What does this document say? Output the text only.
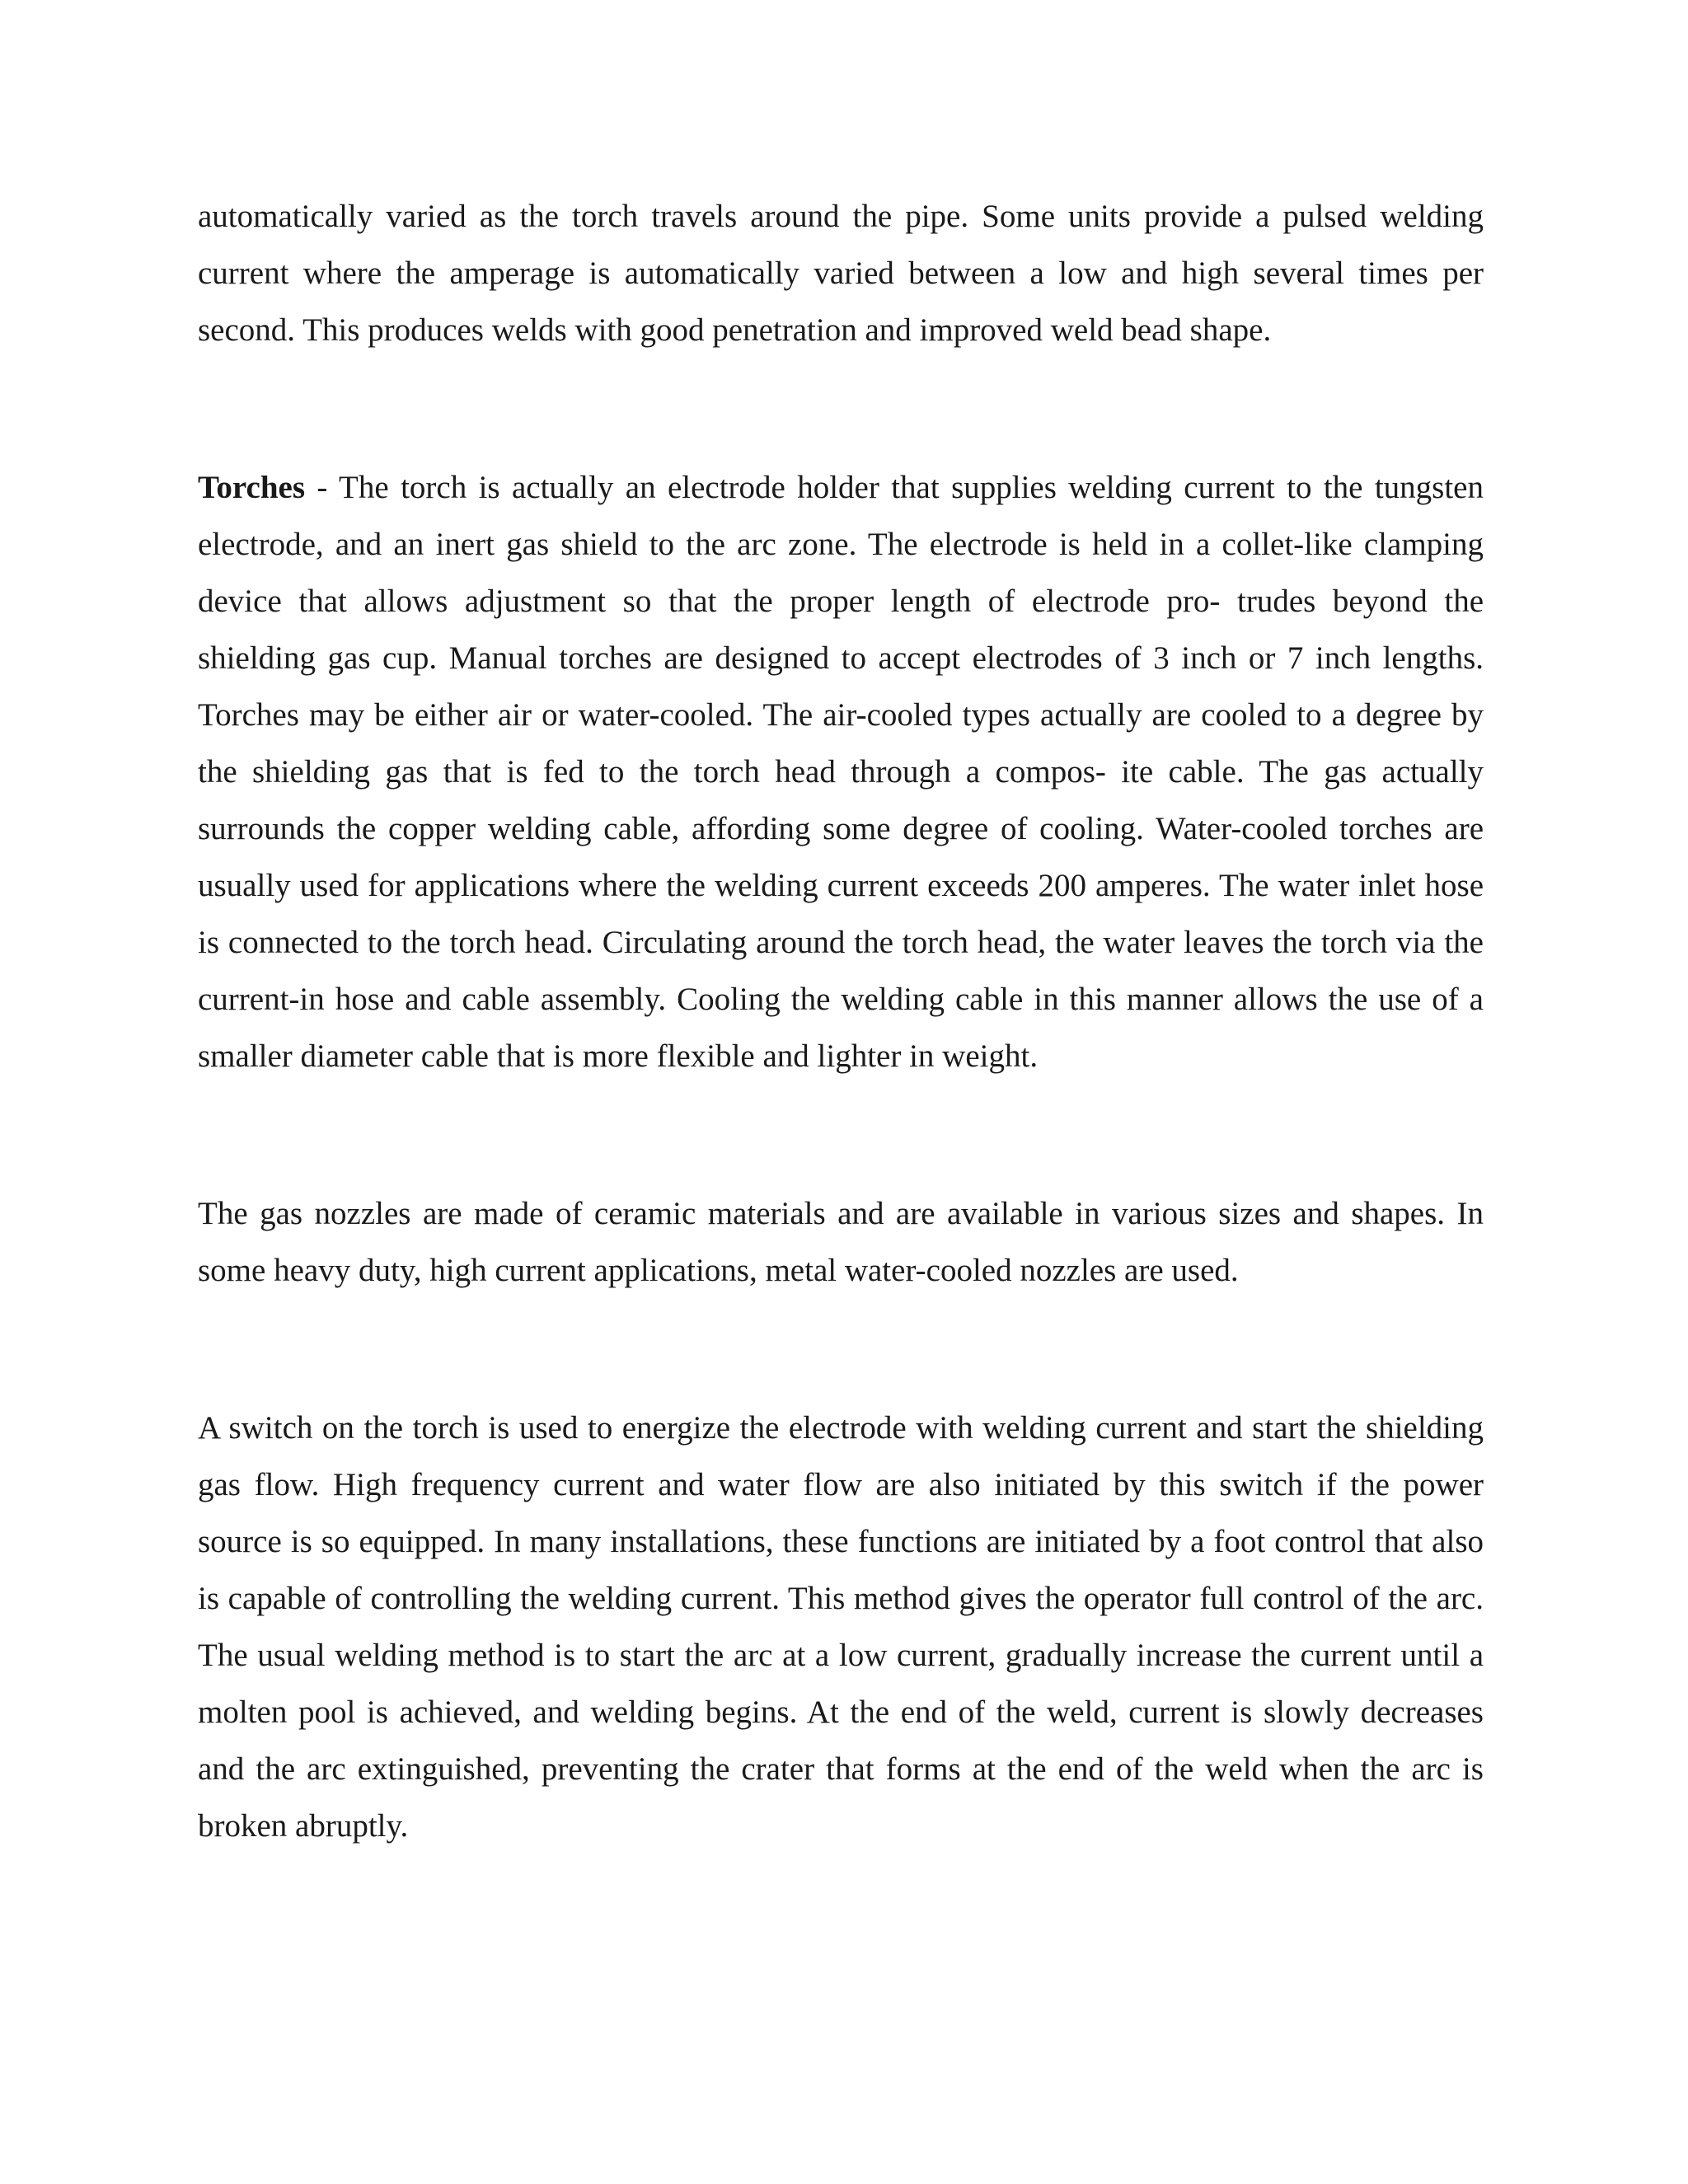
automatically varied as the torch travels around the pipe. Some units provide a pulsed welding current where the amperage is automatically varied between a low and high several times per second. This produces welds with good penetration and improved weld bead shape.

Torches - The torch is actually an electrode holder that supplies welding current to the tungsten electrode, and an inert gas shield to the arc zone. The electrode is held in a collet-like clamping device that allows adjustment so that the proper length of electrode pro- trudes beyond the shielding gas cup. Manual torches are designed to accept electrodes of 3 inch or 7 inch lengths. Torches may be either air or water-cooled. The air-cooled types actually are cooled to a degree by the shielding gas that is fed to the torch head through a compos- ite cable. The gas actually surrounds the copper welding cable, affording some degree of cooling. Water-cooled torches are usually used for applications where the welding current exceeds 200 amperes. The water inlet hose is connected to the torch head. Circulating around the torch head, the water leaves the torch via the current-in hose and cable assembly. Cooling the welding cable in this manner allows the use of a smaller diameter cable that is more flexible and lighter in weight.

The gas nozzles are made of ceramic materials and are available in various sizes and shapes. In some heavy duty, high current applications, metal water-cooled nozzles are used.

A switch on the torch is used to energize the electrode with welding current and start the shielding gas flow. High frequency current and water flow are also initiated by this switch if the power source is so equipped. In many installations, these functions are initiated by a foot control that also is capable of controlling the welding current. This method gives the operator full control of the arc. The usual welding method is to start the arc at a low current, gradually increase the current until a molten pool is achieved, and welding begins. At the end of the weld, current is slowly decreases and the arc extinguished, preventing the crater that forms at the end of the weld when the arc is broken abruptly.
